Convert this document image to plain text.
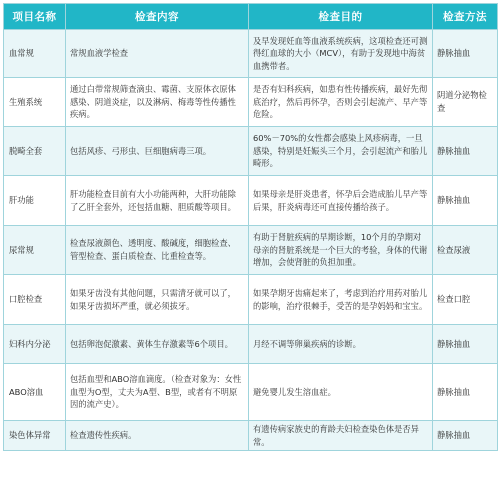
项目名称	检查内容	检查目的	检查方法
血常规	常规血液学检查	及早发现妊血等血液系统疾病，这项检查还可测得红血球的大小（MCV），有助于发现地中海贫血携带者。	静脉抽血
生殖系统	通过白带常规筛查滴虫、霉菌、支原体衣原体感染、阴道炎症，以及淋病、梅毒等性传播性疾病。	是否有妇科疾病，如患有性传播疾病，最好先彻底治疗，然后再怀孕，否则会引起流产、早产等危险。	阴道分泌物检查
脱畸全套	包括风疹、弓形虫、巨细胞病毒三项。	60%－70%的女性都会感染上风疹病毒，一旦感染，特别是妊娠头三个月，会引起流产和胎儿畸形。	静脉抽血
肝功能	肝功能检查目前有大小功能两种，大肝功能除了乙肝全套外，还包括血糖、胆质酸等项目。	如果母亲是肝炎患者，怀孕后会造成胎儿早产等后果，肝炎病毒还可直接传播给孩子。	静脉抽血
尿常规	检查尿液颜色、透明度、酸碱度，细胞检查、管型检查、蛋白质检查、比重检查等。	有助于肾脏疾病的早期诊断，10个月的孕期对母亲的肾脏系统是一个巨大的考验，身体的代谢增加，会使肾脏的负担加重。	检查尿液
口腔检查	如果牙齿没有其他问题，只需清牙就可以了，如果牙齿损坏严重，就必须拔牙。	如果孕期牙齿痛起来了，考虑到治疗用药对胎儿的影响，治疗很棘手，受苦的是孕妈妈和宝宝。	检查口腔
妇科内分泌	包括卵泡促激素、黄体生存激素等6个项目。	月经不调等卵巢疾病的诊断。	静脉抽血
ABO溶血	包括血型和ABO溶血滴度。（检查对象为：女性血型为O型，丈夫为A型、B型，或者有不明原因的流产史）。	避免婴儿发生溶血症。	静脉抽血
染色体异常	检查遗传性疾病。	有遗传病家族史的育龄夫妇检查染色体是否异常。	静脉抽血
